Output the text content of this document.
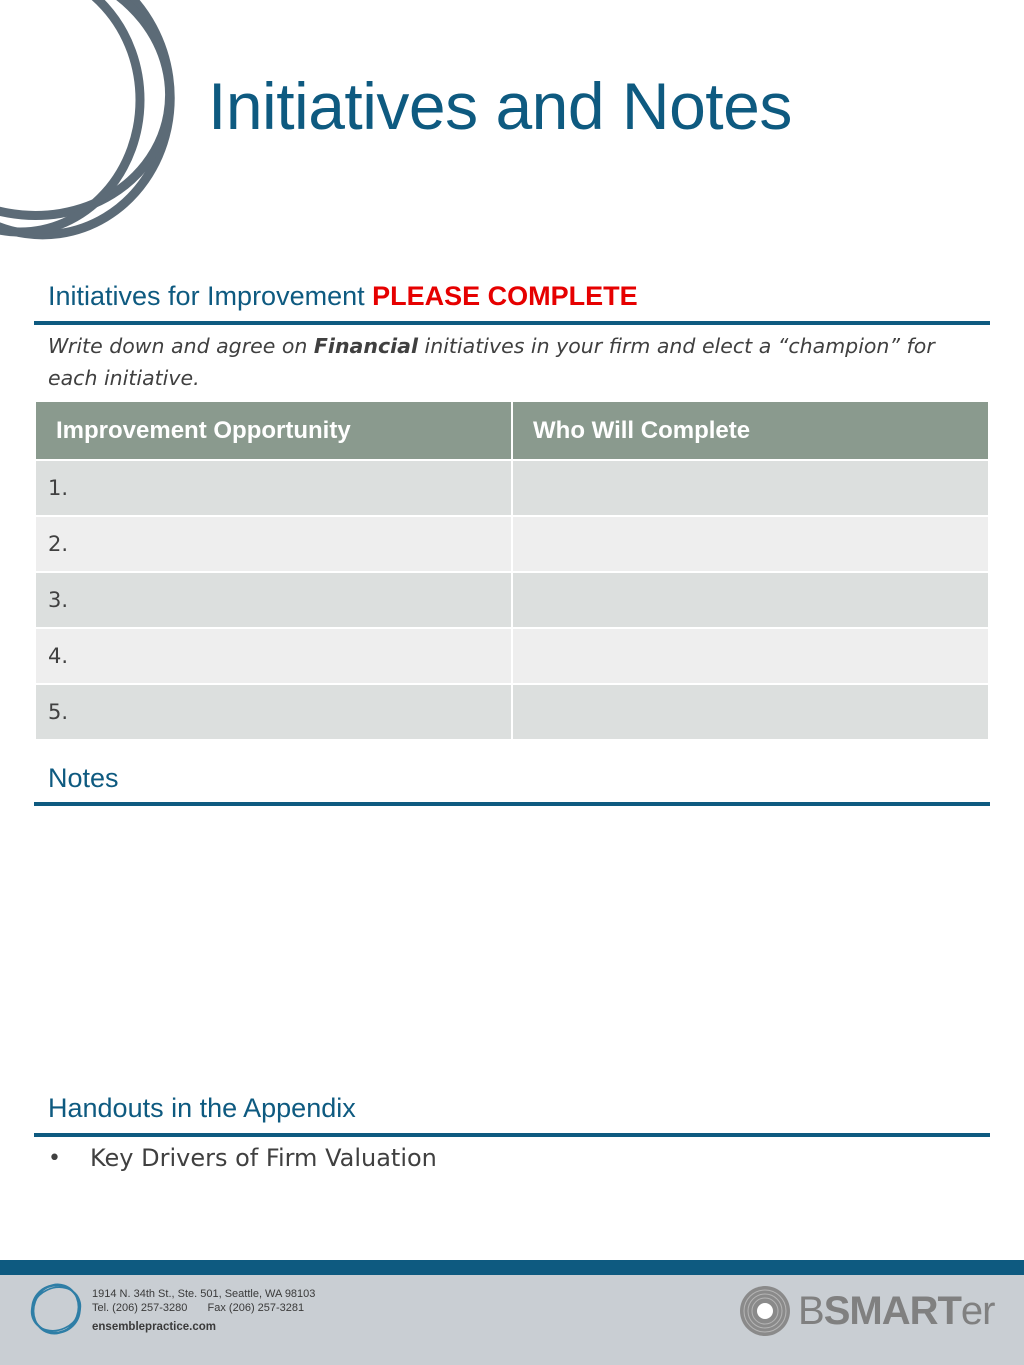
Initiatives and Notes
Initiatives for Improvement PLEASE COMPLETE
Write down and agree on Financial initiatives in your firm and elect a “champion” for each initiative.
Improvement Opportunity	Who Will Complete
1.	
2.	
3.	
4.	
5.	
Notes
Handouts in the Appendix
•	Key Drivers of Firm Valuation
1914 N. 34th St., Ste. 501, Seattle, WA 98103
Tel. (206) 257-3280 Fax (206) 257-3281
ensemblepractice.com	BSMARTer
